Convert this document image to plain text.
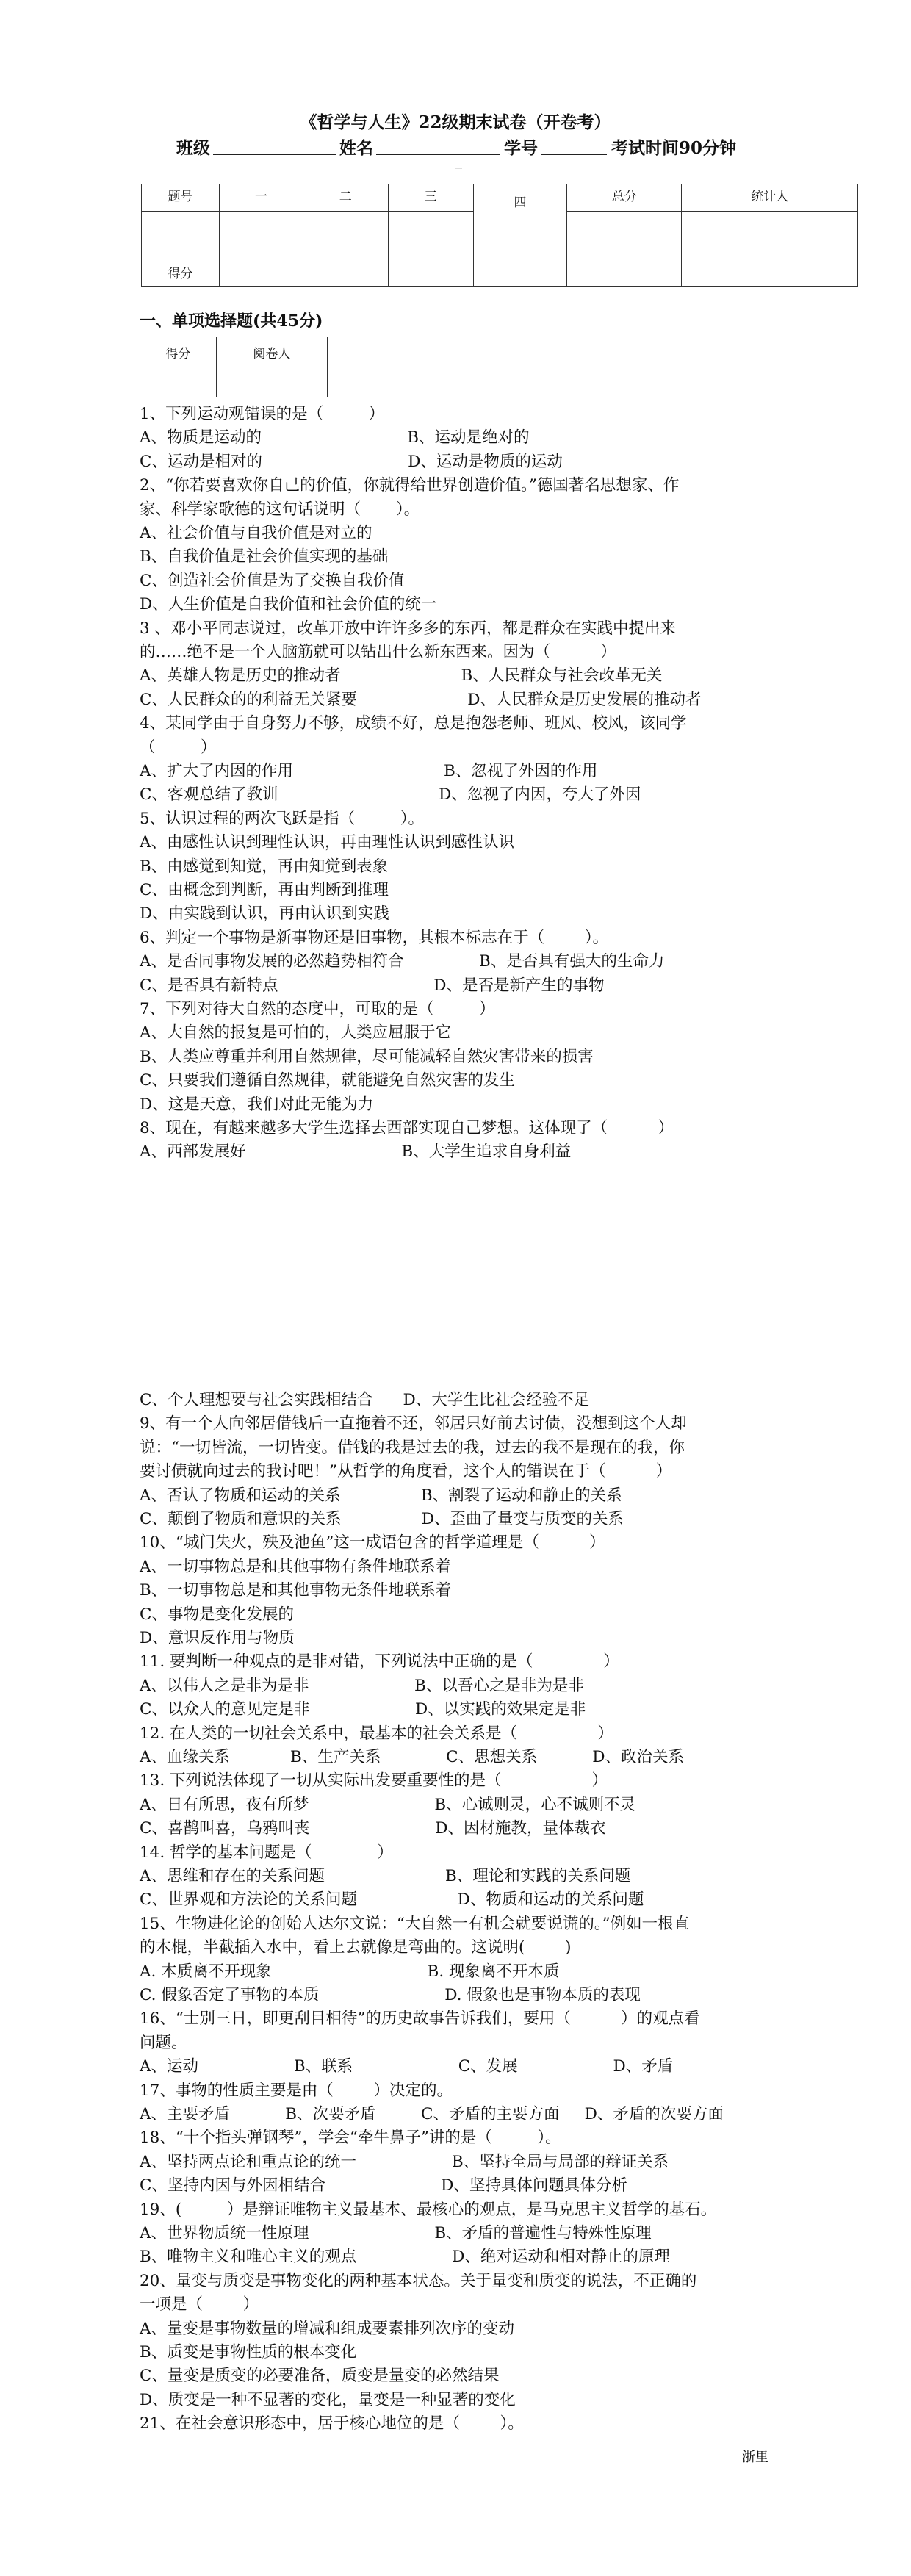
《哲学与人生》22级期末试卷（开卷考）
班级	姓名	学号	考试时间90分钟
_
题号	一	二	三	四	总分	统计人
得分						
一、单项选择题(共45分)
得分	阅卷人

1、下列运动观错误的是（         ）
A、物质是运动的                             B、运动是绝对的
C、运动是相对的                             D、运动是物质的运动
2、“你若要喜欢你自己的价值，你就得给世界创造价值。”德国著名思想家、作
家、科学家歌德的这句话说明（       ）。
A、社会价值与自我价值是对立的
B、自我价值是社会价值实现的基础
C、创造社会价值是为了交换自我价值
D、人生价值是自我价值和社会价值的统一
3 、邓小平同志说过，改革开放中许许多多的东西，都是群众在实践中提出来
的……绝不是一个人脑筋就可以钻出什么新东西来。因为（          ）
A、英雄人物是历史的推动者                        B、人民群众与社会改革无关
C、人民群众的的利益无关紧要                      D、人民群众是历史发展的推动者
4、某同学由于自身努力不够，成绩不好，总是抱怨老师、班风、校风，该同学
（         ）
A、扩大了内因的作用                              B、忽视了外因的作用
C、客观总结了教训                                D、忽视了内因，夸大了外因
5、认识过程的两次飞跃是指（         ）。
A、由感性认识到理性认识，再由理性认识到感性认识
B、由感觉到知觉，再由知觉到表象
C、由概念到判断，再由判断到推理
D、由实践到认识，再由认识到实践
6、判定一个事物是新事物还是旧事物，其根本标志在于（        ）。
A、是否同事物发展的必然趋势相符合               B、是否具有强大的生命力
C、是否具有新特点                               D、是否是新产生的事物
7、下列对待大自然的态度中，可取的是（         ）
A、大自然的报复是可怕的，人类应屈服于它
B、人类应尊重并利用自然规律，尽可能减轻自然灾害带来的损害
C、只要我们遵循自然规律，就能避免自然灾害的发生
D、这是天意，我们对此无能为力
8、现在，有越来越多大学生选择去西部实现自己梦想。这体现了（          ）
A、西部发展好                               B、大学生追求自身利益
C、个人理想要与社会实践相结合      D、大学生比社会经验不足
9、有一个人向邻居借钱后一直拖着不还，邻居只好前去讨债，没想到这个人却
说：“一切皆流，一切皆变。借钱的我是过去的我，过去的我不是现在的我，你
要讨债就向过去的我讨吧！”从哲学的角度看，这个人的错误在于（          ）
A、否认了物质和运动的关系                B、割裂了运动和静止的关系
C、颠倒了物质和意识的关系                D、歪曲了量变与质变的关系
10、“城门失火，殃及池鱼”这一成语包含的哲学道理是（          ）
A、一切事物总是和其他事物有条件地联系着
B、一切事物总是和其他事物无条件地联系着
C、事物是变化发展的
D、意识反作用与物质
11. 要判断一种观点的是非对错，下列说法中正确的是（              ）
A、以伟人之是非为是非                     B、以吾心之是非为是非
C、以众人的意见定是非                     D、以实践的效果定是非
12. 在人类的一切社会关系中，最基本的社会关系是（                ）
A、血缘关系            B、生产关系             C、思想关系           D、政治关系
13. 下列说法体现了一切从实际出发要重要性的是（                  ）
A、日有所思，夜有所梦                         B、心诚则灵，心不诚则不灵
C、喜鹊叫喜，乌鸦叫丧                         D、因材施教，量体裁衣
14. 哲学的基本问题是（             ）
A、思维和存在的关系问题                        B、理论和实践的关系问题
C、世界观和方法论的关系问题                    D、物质和运动的关系问题
15、生物进化论的创始人达尔文说：“大自然一有机会就要说谎的。”例如一根直
的木棍，半截插入水中，看上去就像是弯曲的。这说明(        )
A. 本质离不开现象                               B. 现象离不开本质
C. 假象否定了事物的本质                         D. 假象也是事物本质的表现
16、“士别三日，即更刮目相待”的历史故事告诉我们，要用（          ）的观点看
问题。
A、运动                   B、联系                     C、发展                   D、矛盾
17、事物的性质主要是由（        ）决定的。
A、主要矛盾           B、次要矛盾         C、矛盾的主要方面     D、矛盾的次要方面
18、“十个指头弹钢琴”，学会“牵牛鼻子”讲的是（         ）。
A、坚持两点论和重点论的统一                   B、坚持全局与局部的辩证关系
C、坚持内因与外因相结合                       D、坚持具体问题具体分析
19、(         ）是辩证唯物主义最基本、最核心的观点，是马克思主义哲学的基石。
A、世界物质统一性原理                         B、矛盾的普遍性与特殊性原理
B、唯物主义和唯心主义的观点                   D、绝对运动和相对静止的原理
20、量变与质变是事物变化的两种基本状态。关于量变和质变的说法，不正确的
一项是（        ）
A、量变是事物数量的增减和组成要素排列次序的变动
B、质变是事物性质的根本变化
C、量变是质变的必要准备，质变是量变的必然结果
D、质变是一种不显著的变化，量变是一种显著的变化
21、在社会意识形态中，居于核心地位的是（        ）。
浙里
